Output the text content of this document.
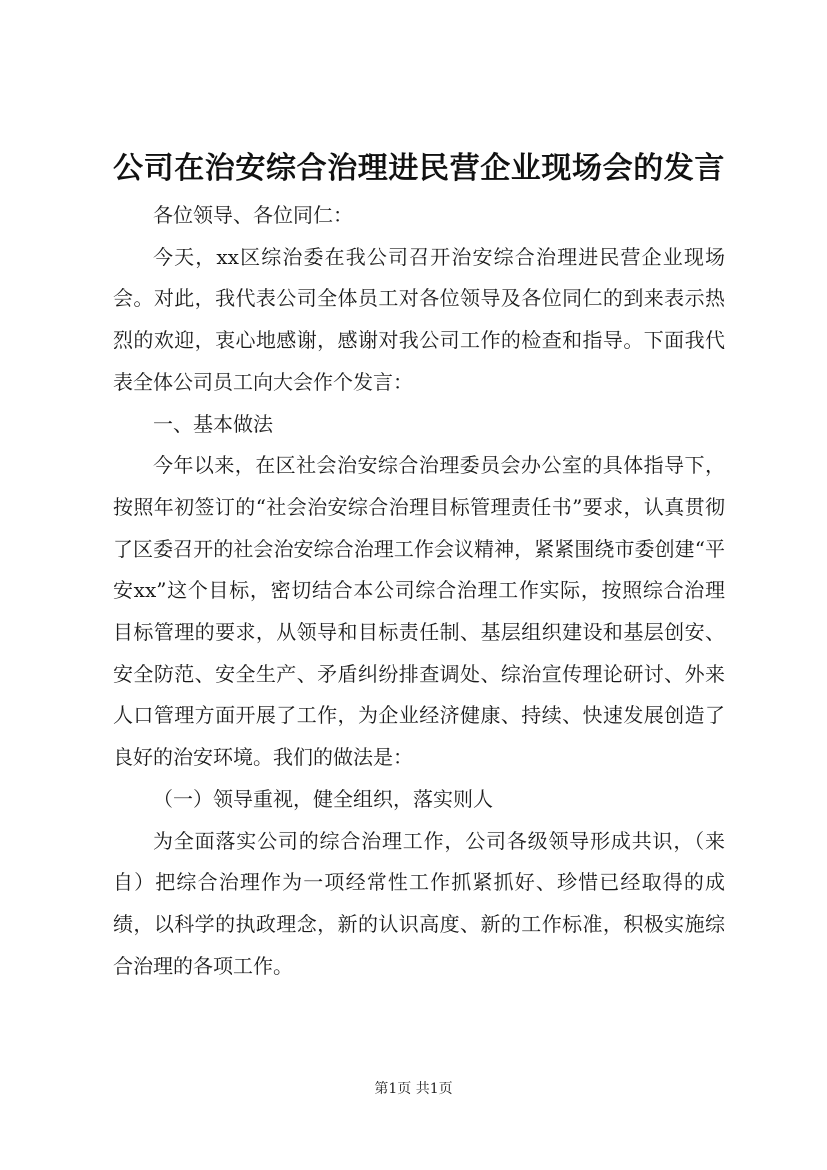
公司在治安综合治理进民营企业现场会的发言

各位领导、各位同仁：

今天，xx区综治委在我公司召开治安综合治理进民营企业现场会。对此，我代表公司全体员工对各位领导及各位同仁的到来表示热烈的欢迎，衷心地感谢，感谢对我公司工作的检查和指导。下面我代表全体公司员工向大会作个发言：

一、基本做法

今年以来，在区社会治安综合治理委员会办公室的具体指导下，按照年初签订的“社会治安综合治理目标管理责任书”要求，认真贯彻了区委召开的社会治安综合治理工作会议精神，紧紧围绕市委创建“平安xx”这个目标，密切结合本公司综合治理工作实际，按照综合治理目标管理的要求，从领导和目标责任制、基层组织建设和基层创安、安全防范、安全生产、矛盾纠纷排查调处、综治宣传理论研讨、外来人口管理方面开展了工作，为企业经济健康、持续、快速发展创造了良好的治安环境。我们的做法是：

（一）领导重视，健全组织，落实则人

为全面落实公司的综合治理工作，公司各级领导形成共识，（来自）把综合治理作为一项经常性工作抓紧抓好、珍惜已经取得的成绩，以科学的执政理念，新的认识高度、新的工作标准，积极实施综合治理的各项工作。

第1页 共1页
